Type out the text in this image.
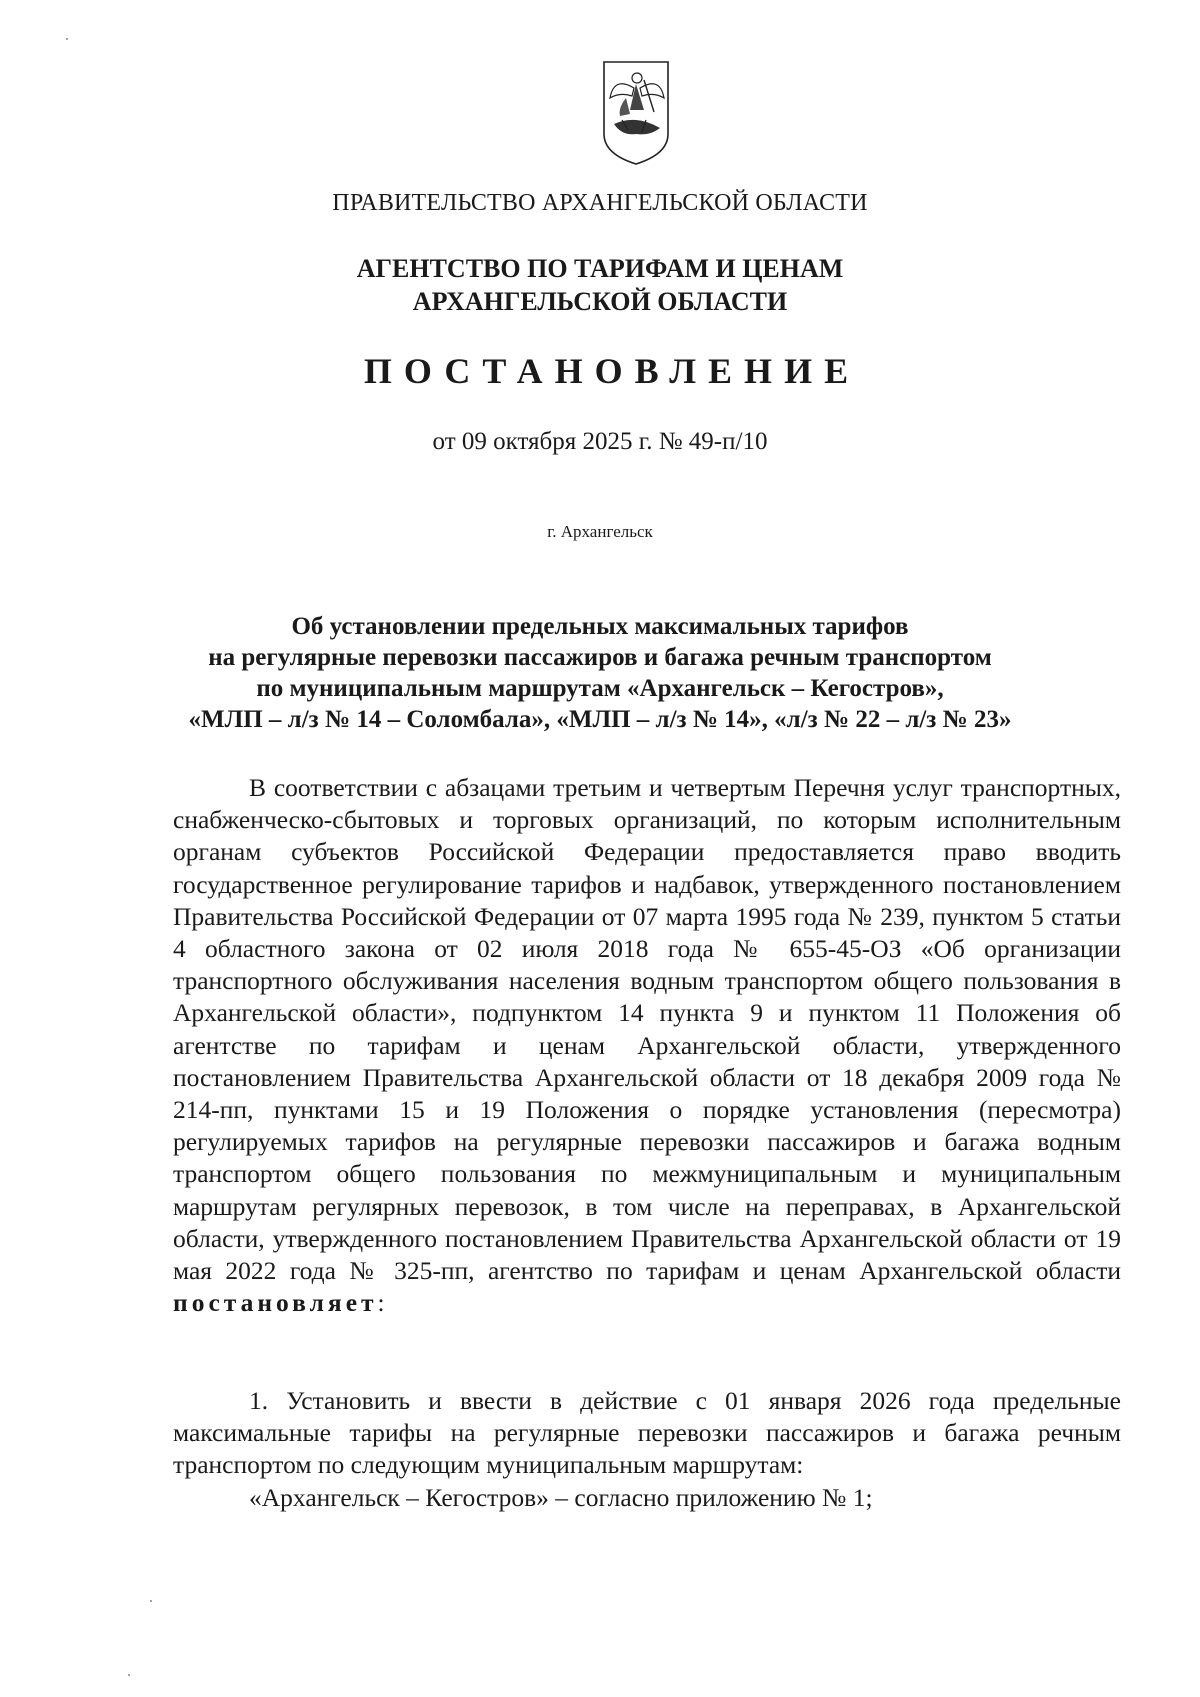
ПРАВИТЕЛЬСТВО АРХАНГЕЛЬСКОЙ ОБЛАСТИ
АГЕНТСТВО ПО ТАРИФАМ И ЦЕНАМ
АРХАНГЕЛЬСКОЙ ОБЛАСТИ
ПОСТАНОВЛЕНИЕ
от 09 октября 2025 г. № 49-п/10
г. Архангельск
Об установлении предельных максимальных тарифов
на регулярные перевозки пассажиров и багажа речным транспортом
по муниципальным маршрутам «Архангельск – Кегостров»,
«МЛП – л/з № 14 – Соломбала», «МЛП – л/з № 14», «л/з № 22 – л/з № 23»
В соответствии с абзацами третьим и четвертым Перечня услуг транспортных, снабженческо-сбытовых и торговых организаций, по которым исполнительным органам субъектов Российской Федерации предоставляется право вводить государственное регулирование тарифов и надбавок, утвержденного постановлением Правительства Российской Федерации от 07 марта 1995 года № 239, пунктом 5 статьи 4 областного закона от 02 июля 2018 года № 655-45-ОЗ «Об организации транспортного обслуживания населения водным транспортом общего пользования в Архангельской области», подпунктом 14 пункта 9 и пунктом 11 Положения об агентстве по тарифам и ценам Архангельской области, утвержденного постановлением Правительства Архангельской области от 18 декабря 2009 года № 214-пп, пунктами 15 и 19 Положения о порядке установления (пересмотра) регулируемых тарифов на регулярные перевозки пассажиров и багажа водным транспортом общего пользования по межмуниципальным и муниципальным маршрутам регулярных перевозок, в том числе на переправах, в Архангельской области, утвержденного постановлением Правительства Архангельской области от 19 мая 2022 года № 325-пп, агентство по тарифам и ценам Архангельской области постановляет:
1. Установить и ввести в действие с 01 января 2026 года предельные максимальные тарифы на регулярные перевозки пассажиров и багажа речным транспортом по следующим муниципальным маршрутам:
«Архангельск – Кегостров» – согласно приложению № 1;
